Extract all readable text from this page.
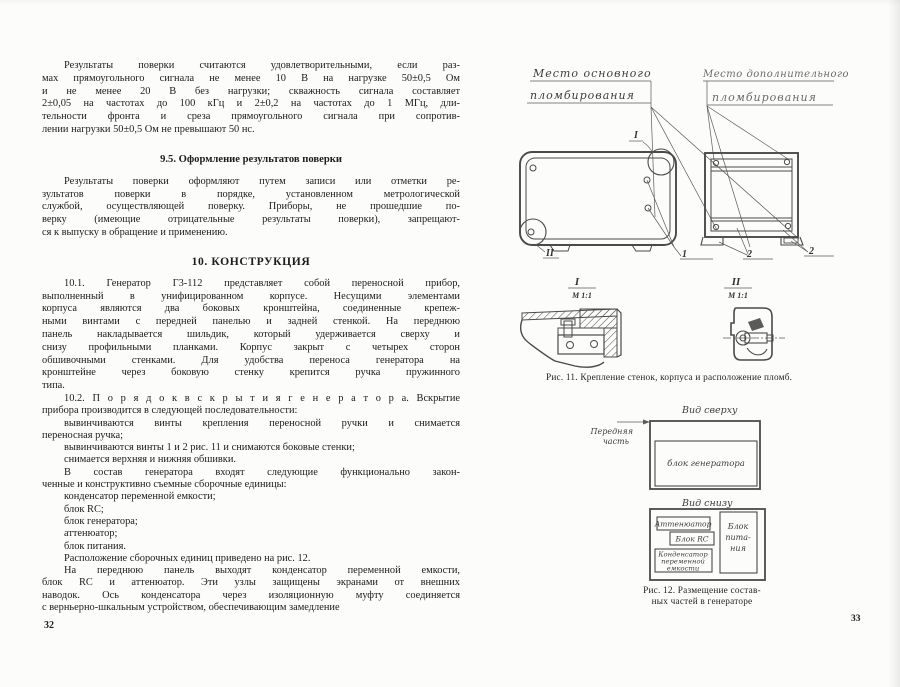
Результаты поверки считаются удовлетворительными, если раз-
мах прямоугольного сигнала не менее 10 В на нагрузке 50±0,5 Ом
и не менее 20 В без нагрузки; скважность сигнала составляет
2±0,05 на частотах до 100 кГц и 2±0,2 на частотах до 1 МГц, дли-
тельности фронта и среза прямоугольного сигнала при сопротив-
лении нагрузки 50±0,5 Ом не превышают 50 нс.
9.5. Оформление результатов поверки
Результаты поверки оформляют путем записи или отметки ре-
зультатов поверки в порядке, установленном метрологической
службой, осуществляющей поверку. Приборы, не прошедшие по-
верку (имеющие отрицательные результаты поверки), запрещают-
ся к выпуску в обращение и применению.
10. КОНСТРУКЦИЯ
10.1. Генератор Г3-112 представляет собой переносной прибор,
выполненный в унифицированном корпусе. Несущими элементами
корпуса являются два боковых кронштейна, соединенные крепеж-
ными винтами с передней панелью и задней стенкой. На переднюю
панель накладывается шильдик, который удерживается сверху и
снизу профильными планками. Корпус закрыт с четырех сторон
обшивочными стенками. Для удобства переноса генератора на
кронштейне через боковую стенку крепится ручка пружинного
типа.
10.2. П о р я д о к в с к р ы т и я г е н е р а т о р а. Вскрытие
прибора производится в следующей последовательности:
вывинчиваются винты крепления переносной ручки и снимается
переносная ручка;
вывинчиваются винты 1 и 2 рис. 11 и снимаются боковые стенки;
снимается верхняя и нижняя обшивки.
В состав генератора входят следующие функционально закон-
ченные и конструктивно съемные сборочные единицы:
конденсатор переменной емкости;
блок RC;
блок генератора;
аттенюатор;
блок питания.
Расположение сборочных единиц приведено на рис. 12.
На переднюю панель выходят конденсатор переменной емкости,
блок RC и аттенюатор. Эти узлы защищены экранами от внешних
наводок. Ось конденсатора через изоляционную муфту соединяется
с верньерно-шкальным устройством, обеспечивающим замедление
32
Место основного
пломбирования
Место дополнительного
пломбирования
I
II	1	2	2
I
М 1:1
II
М 1:1
Рис. 11. Крепление стенок, корпуса и расположение пломб.
Вид сверху
блок генератора
Передняя
часть
Вид снизу
Аттенюатор
Блок RC
Конденсатор
переменной
емкости
Блок
пита-
ния
Рис. 12. Размещение состав-
ных частей в генераторе
33
